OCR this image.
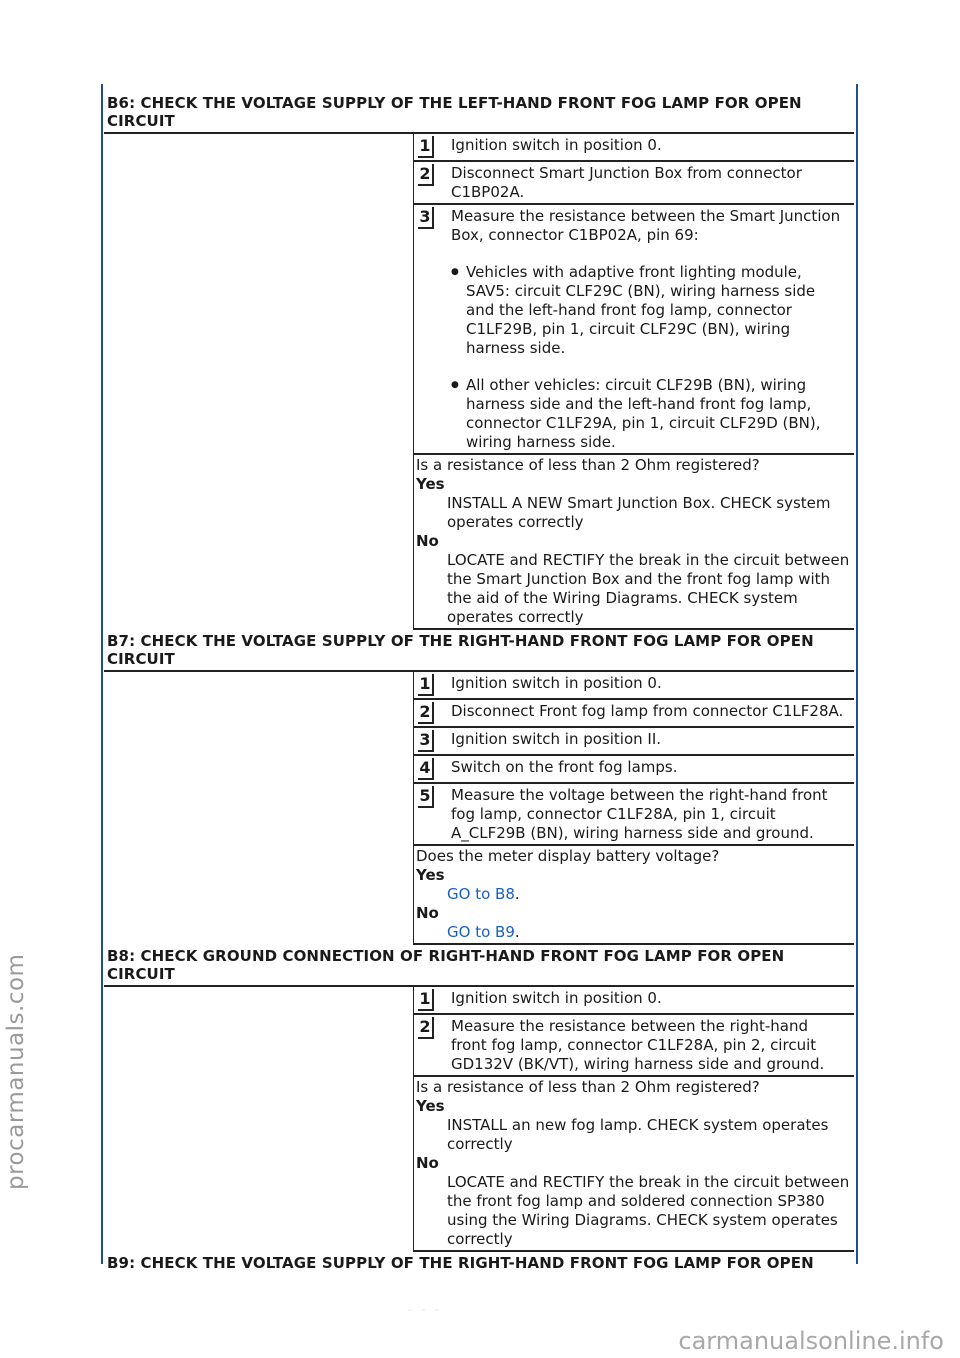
B6: CHECK THE VOLTAGE SUPPLY OF THE LEFT-HAND FRONT FOG LAMP FOR OPEN CIRCUIT
1	Ignition switch in position 0.
2	Disconnect Smart Junction Box from connector C1BP02A.
3 Measure the resistance between the Smart Junction Box, connector C1BP02A, pin 69:
● Vehicles with adaptive front lighting module, SAV5: circuit CLF29C (BN), wiring harness side and the left-hand front fog lamp, connector C1LF29B, pin 1, circuit CLF29C (BN), wiring harness side.
● All other vehicles: circuit CLF29B (BN), wiring harness side and the left-hand front fog lamp, connector C1LF29A, pin 1, circuit CLF29D (BN), wiring harness side.
Is a resistance of less than 2 Ohm registered?
Yes
INSTALL A NEW Smart Junction Box. CHECK system operates correctly
No
LOCATE and RECTIFY the break in the circuit between the Smart Junction Box and the front fog lamp with the aid of the Wiring Diagrams. CHECK system operates correctly
B7: CHECK THE VOLTAGE SUPPLY OF THE RIGHT-HAND FRONT FOG LAMP FOR OPEN CIRCUIT
1	Ignition switch in position 0.
2	Disconnect Front fog lamp from connector C1LF28A.
3	Ignition switch in position II.
4	Switch on the front fog lamps.
5	Measure the voltage between the right-hand front fog lamp, connector C1LF28A, pin 1, circuit A_CLF29B (BN), wiring harness side and ground.
Does the meter display battery voltage?
Yes
GO to B8.
No
GO to B9.
B8: CHECK GROUND CONNECTION OF RIGHT-HAND FRONT FOG LAMP FOR OPEN CIRCUIT
1	Ignition switch in position 0.
2	Measure the resistance between the right-hand front fog lamp, connector C1LF28A, pin 2, circuit GD132V (BK/VT), wiring harness side and ground.
Is a resistance of less than 2 Ohm registered?
Yes
INSTALL an new fog lamp. CHECK system operates correctly
No
LOCATE and RECTIFY the break in the circuit between the front fog lamp and soldered connection SP380 using the Wiring Diagrams. CHECK system operates correctly
B9: CHECK THE VOLTAGE SUPPLY OF THE RIGHT-HAND FRONT FOG LAMP FOR OPEN
procarmanuals.com
- - -
carmanualsonline.info
